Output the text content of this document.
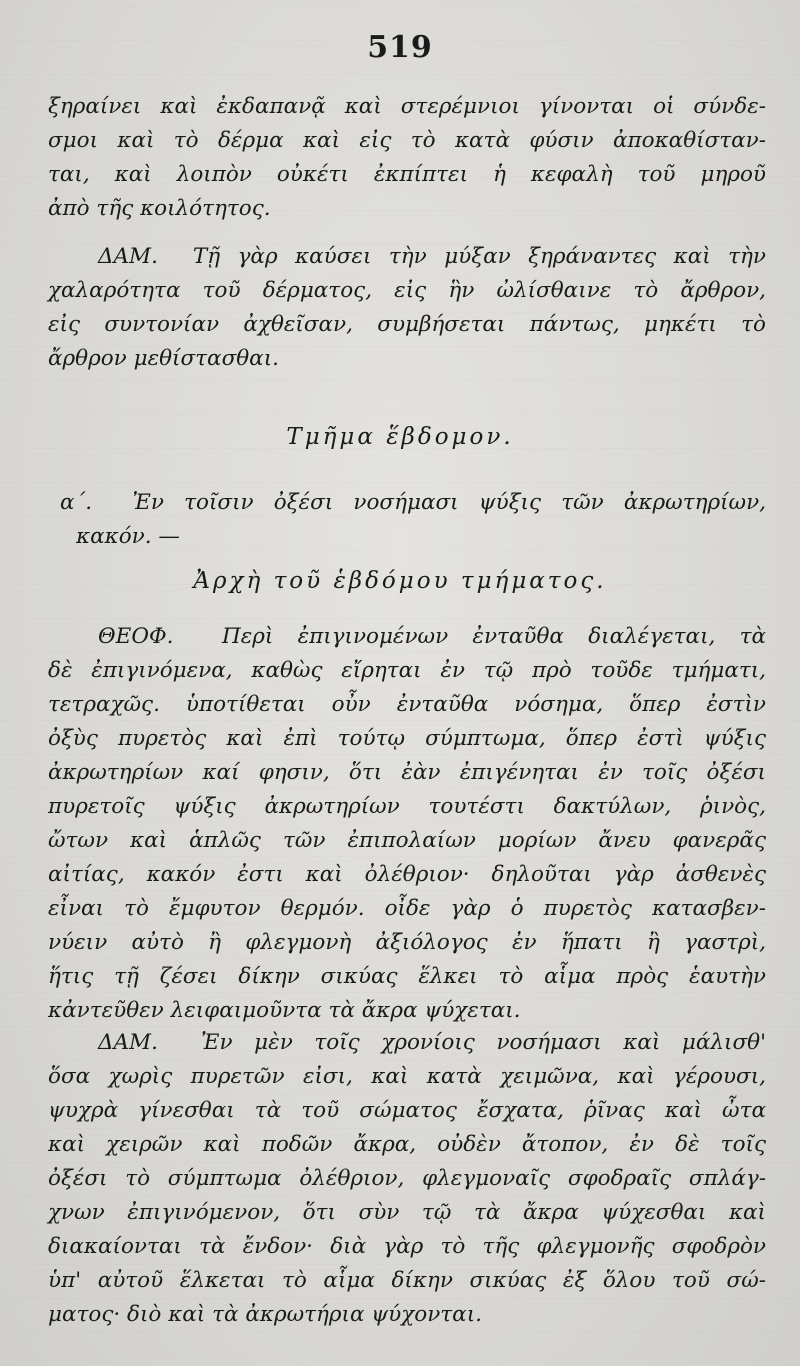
519

ξηραίνει καὶ ἐκδαπανᾷ καὶ στερέμνιοι γίνονται οἱ σύνδε-

σμοι καὶ τὸ δέρμα καὶ εἰς τὸ κατὰ φύσιν ἀποκαθίσταν-

ται, καὶ λοιπὸν οὐκέτι ἐκπίπτει ἡ κεφαλὴ τοῦ μηροῦ

ἀπὸ τῆς κοιλότητος.

ΔΑΜ. Τῇ γὰρ καύσει τὴν μύξαν ξηράναντες καὶ τὴν

χαλαρότητα τοῦ δέρματος, εἰς ἣν ὠλίσθαινε τὸ ἄρθρον,

εἰς συντονίαν ἀχθεῖσαν, συμβήσεται πάντως, μηκέτι τὸ

ἄρθρον μεθίστασθαι.

Τμῆμα ἕβδομον.

α΄. Ἐν τοῖσιν ὀξέσι νοσήμασι ψύξις τῶν ἀκρωτηρίων,

κακόν. —

Ἀρχὴ τοῦ ἑβδόμου τμήματος.

ΘΕΟΦ. Περὶ ἐπιγινομένων ἐνταῦθα διαλέγεται, τὰ

δὲ ἐπιγινόμενα, καθὼς εἴρηται ἐν τῷ πρὸ τοῦδε τμήματι,

τετραχῶς. ὑποτίθεται οὖν ἐνταῦθα νόσημα, ὅπερ ἐστὶν

ὀξὺς πυρετὸς καὶ ἐπὶ τούτῳ σύμπτωμα, ὅπερ ἐστὶ ψύξις

ἀκρωτηρίων καί φησιν, ὅτι ἐὰν ἐπιγένηται ἐν τοῖς ὀξέσι

πυρετοῖς ψύξις ἀκρωτηρίων τουτέστι δακτύλων, ῥινὸς,

ὤτων καὶ ἁπλῶς τῶν ἐπιπολαίων μορίων ἄνευ φανερᾶς

αἰτίας, κακόν ἐστι καὶ ὀλέθριον· δηλοῦται γὰρ ἀσθενὲς

εἶναι τὸ ἔμφυτον θερμόν. οἶδε γὰρ ὁ πυρετὸς κατασβεν-

νύειν αὐτὸ ἢ φλεγμονὴ ἀξιόλογος ἐν ἥπατι ἢ γαστρὶ,

ἥτις τῇ ζέσει δίκην σικύας ἕλκει τὸ αἷμα πρὸς ἑαυτὴν

κἀντεῦθεν λειφαιμοῦντα τὰ ἄκρα ψύχεται.

ΔΑΜ. Ἐν μὲν τοῖς χρονίοις νοσήμασι καὶ μάλισθ'

ὅσα χωρὶς πυρετῶν εἰσι, καὶ κατὰ χειμῶνα, καὶ γέρουσι,

ψυχρὰ γίνεσθαι τὰ τοῦ σώματος ἔσχατα, ῥῖνας καὶ ὦτα

καὶ χειρῶν καὶ ποδῶν ἄκρα, οὐδὲν ἄτοπον, ἐν δὲ τοῖς

ὀξέσι τὸ σύμπτωμα ὀλέθριον, φλεγμοναῖς σφοδραῖς σπλάγ-

χνων ἐπιγινόμενον, ὅτι σὺν τῷ τὰ ἄκρα ψύχεσθαι καὶ

διακαίονται τὰ ἔνδον· διὰ γὰρ τὸ τῆς φλεγμονῆς σφοδρὸν

ὑπ' αὐτοῦ ἕλκεται τὸ αἷμα δίκην σικύας ἐξ ὅλου τοῦ σώ-

ματος· διὸ καὶ τὰ ἀκρωτήρια ψύχονται.
